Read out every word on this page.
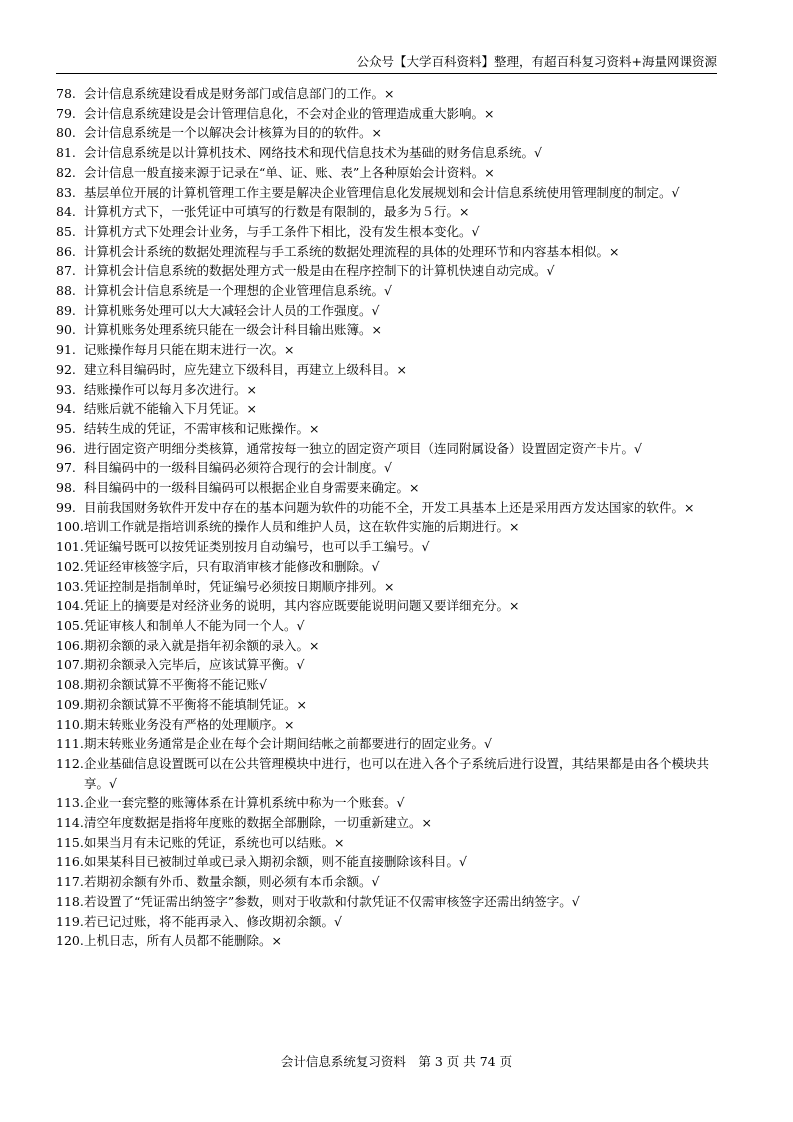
公众号【大学百科资料】整理，有超百科复习资料+海量网课资源
78. 会计信息系统建设看成是财务部门或信息部门的工作。×
79. 会计信息系统建设是会计管理信息化，不会对企业的管理造成重大影响。×
80. 会计信息系统是一个以解决会计核算为目的的软件。×
81. 会计信息系统是以计算机技术、网络技术和现代信息技术为基础的财务信息系统。√
82. 会计信息一般直接来源于记录在“单、证、账、表”上各种原始会计资料。×
83. 基层单位开展的计算机管理工作主要是解决企业管理信息化发展规划和会计信息系统使用管理制度的制定。√
84. 计算机方式下，一张凭证中可填写的行数是有限制的，最多为５行。×
85. 计算机方式下处理会计业务，与手工条件下相比，没有发生根本变化。√
86. 计算机会计系统的数据处理流程与手工系统的数据处理流程的具体的处理环节和内容基本相似。×
87. 计算机会计信息系统的数据处理方式一般是由在程序控制下的计算机快速自动完成。√
88. 计算机会计信息系统是一个理想的企业管理信息系统。√
89. 计算机账务处理可以大大减轻会计人员的工作强度。√
90. 计算机账务处理系统只能在一级会计科目输出账簿。×
91. 记账操作每月只能在期末进行一次。×
92. 建立科目编码时，应先建立下级科目，再建立上级科目。×
93. 结账操作可以每月多次进行。×
94. 结账后就不能输入下月凭证。×
95. 结转生成的凭证，不需审核和记账操作。×
96. 进行固定资产明细分类核算，通常按每一独立的固定资产项目（连同附属设备）设置固定资产卡片。√
97. 科目编码中的一级科目编码必须符合现行的会计制度。√
98. 科目编码中的一级科目编码可以根据企业自身需要来确定。×
99. 目前我国财务软件开发中存在的基本问题为软件的功能不全，开发工具基本上还是采用西方发达国家的软件。×
100. 培训工作就是指培训系统的操作人员和维护人员，这在软件实施的后期进行。×
101. 凭证编号既可以按凭证类别按月自动编号，也可以手工编号。√
102. 凭证经审核签字后，只有取消审核才能修改和删除。√
103. 凭证控制是指制单时，凭证编号必须按日期顺序排列。×
104. 凭证上的摘要是对经济业务的说明，其内容应既要能说明问题又要详细充分。×
105. 凭证审核人和制单人不能为同一个人。√
106. 期初余额的录入就是指年初余额的录入。×
107. 期初余额录入完毕后，应该试算平衡。√
108. 期初余额试算不平衡将不能记账√
109. 期初余额试算不平衡将不能填制凭证。×
110. 期末转账业务没有严格的处理顺序。×
111. 期末转账业务通常是企业在每个会计期间结帐之前都要进行的固定业务。√
112. 企业基础信息设置既可以在公共管理模块中进行，也可以在进入各个子系统后进行设置，其结果都是由各个模块共享。√
113. 企业一套完整的账簿体系在计算机系统中称为一个账套。√
114. 清空年度数据是指将年度账的数据全部删除，一切重新建立。×
115. 如果当月有未记账的凭证，系统也可以结账。×
116. 如果某科目已被制过单或已录入期初余额，则不能直接删除该科目。√
117. 若期初余额有外币、数量余额，则必须有本币余额。√
118. 若设置了“凭证需出纳签字”参数，则对于收款和付款凭证不仅需审核签字还需出纳签字。√
119. 若已记过账，将不能再录入、修改期初余额。√
120. 上机日志，所有人员都不能删除。×
会计信息系统复习资料　第 3 页 共 74 页
